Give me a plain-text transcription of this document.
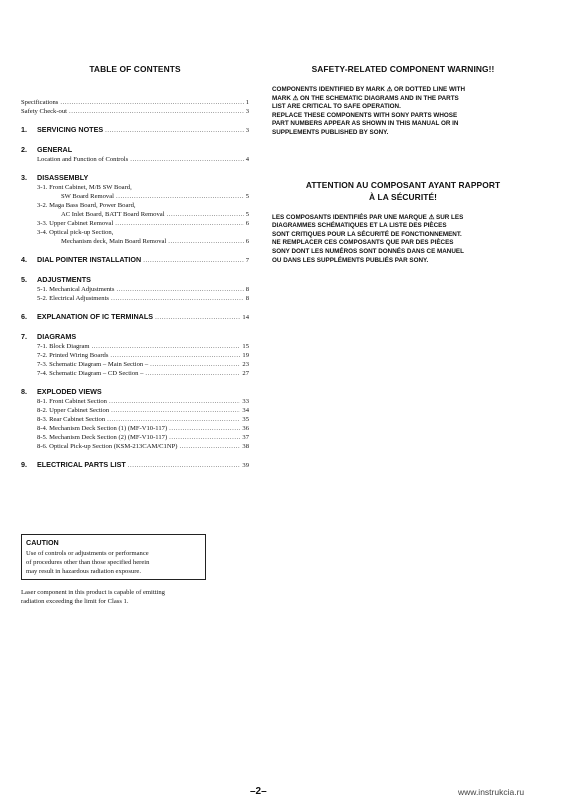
TABLE OF CONTENTS

Specifications .....	1
Safety Check-out .....	3
1.	SERVICING NOTES .....	3
2.	GENERAL
Location and Function of Controls .....	4
3.	DISASSEMBLY
3-1. Front Cabinet, M/B SW Board,
SW Board Removal .....	5
3-2. Maga Bass Board, Power Board,
AC Inlet Board, BATT Board Removal .....	5
3-3. Upper Cabinet Removal .....	6
3-4. Optical pick-up Section,
Mechanism deck, Main Board Removal .....	6
4.	DIAL POINTER INSTALLATION .....	7
5.	ADJUSTMENTS
5-1. Mechanical Adjustments .....	8
5-2. Electrical Adjustments .....	8
6.	EXPLANATION OF IC TERMINALS .....	14
7.	DIAGRAMS
7-1. Block Diagram .....	15
7-2. Printed Wiring Boards .....	19
7-3. Schematic Diagram – Main Section – .....	23
7-4. Schematic Diagram – CD Section – .....	27
8.	EXPLODED VIEWS
8-1. Front Cabinet Section .....	33
8-2. Upper Cabinet Section .....	34
8-3. Rear Cabinet Section .....	35
8-4. Mechanism Deck Section (1) (MF-V10-117) .....	36
8-5. Mechanism Deck Section (2) (MF-V10-117) .....	37
8-6. Optical Pick-up Section (KSM-213CAM/C1NP) .....	38
9.	ELECTRICAL PARTS LIST .....	39

CAUTION

Use of controls or adjustments or performance
of procedures other than those specified herein
may result in hazardous radiation exposure.
Laser component in this product is capable of emitting
radiation exceeding the limit for Class 1.

SAFETY-RELATED COMPONENT WARNING!!

COMPONENTS IDENTIFIED BY MARK ⚠ OR DOTTED LINE WITH

MARK ⚠ ON THE SCHEMATIC DIAGRAMS AND IN THE PARTS

LIST ARE CRITICAL TO SAFE OPERATION.

REPLACE THESE COMPONENTS WITH SONY PARTS WHOSE

PART NUMBERS APPEAR AS SHOWN IN THIS MANUAL OR IN

SUPPLEMENTS PUBLISHED BY SONY.

ATTENTION AU COMPOSANT AYANT RAPPORT

À LA SÉCURITÉ!

LES COMPOSANTS IDENTIFIÉS PAR UNE MARQUE ⚠ SUR LES

DIAGRAMMES SCHÉMATIQUES ET LA LISTE DES PIÈCES

SONT CRITIQUES POUR LA SÉCURITÉ DE FONCTIONNEMENT.

NE REMPLACER CES COMPOSANTS QUE PAR DES PIÈCES

SONY DONT LES NUMÉROS SONT DONNÉS DANS CE MANUEL

OU DANS LES SUPPLÉMENTS PUBLIÉS PAR SONY.

–2–	www.instrukcia.ru
